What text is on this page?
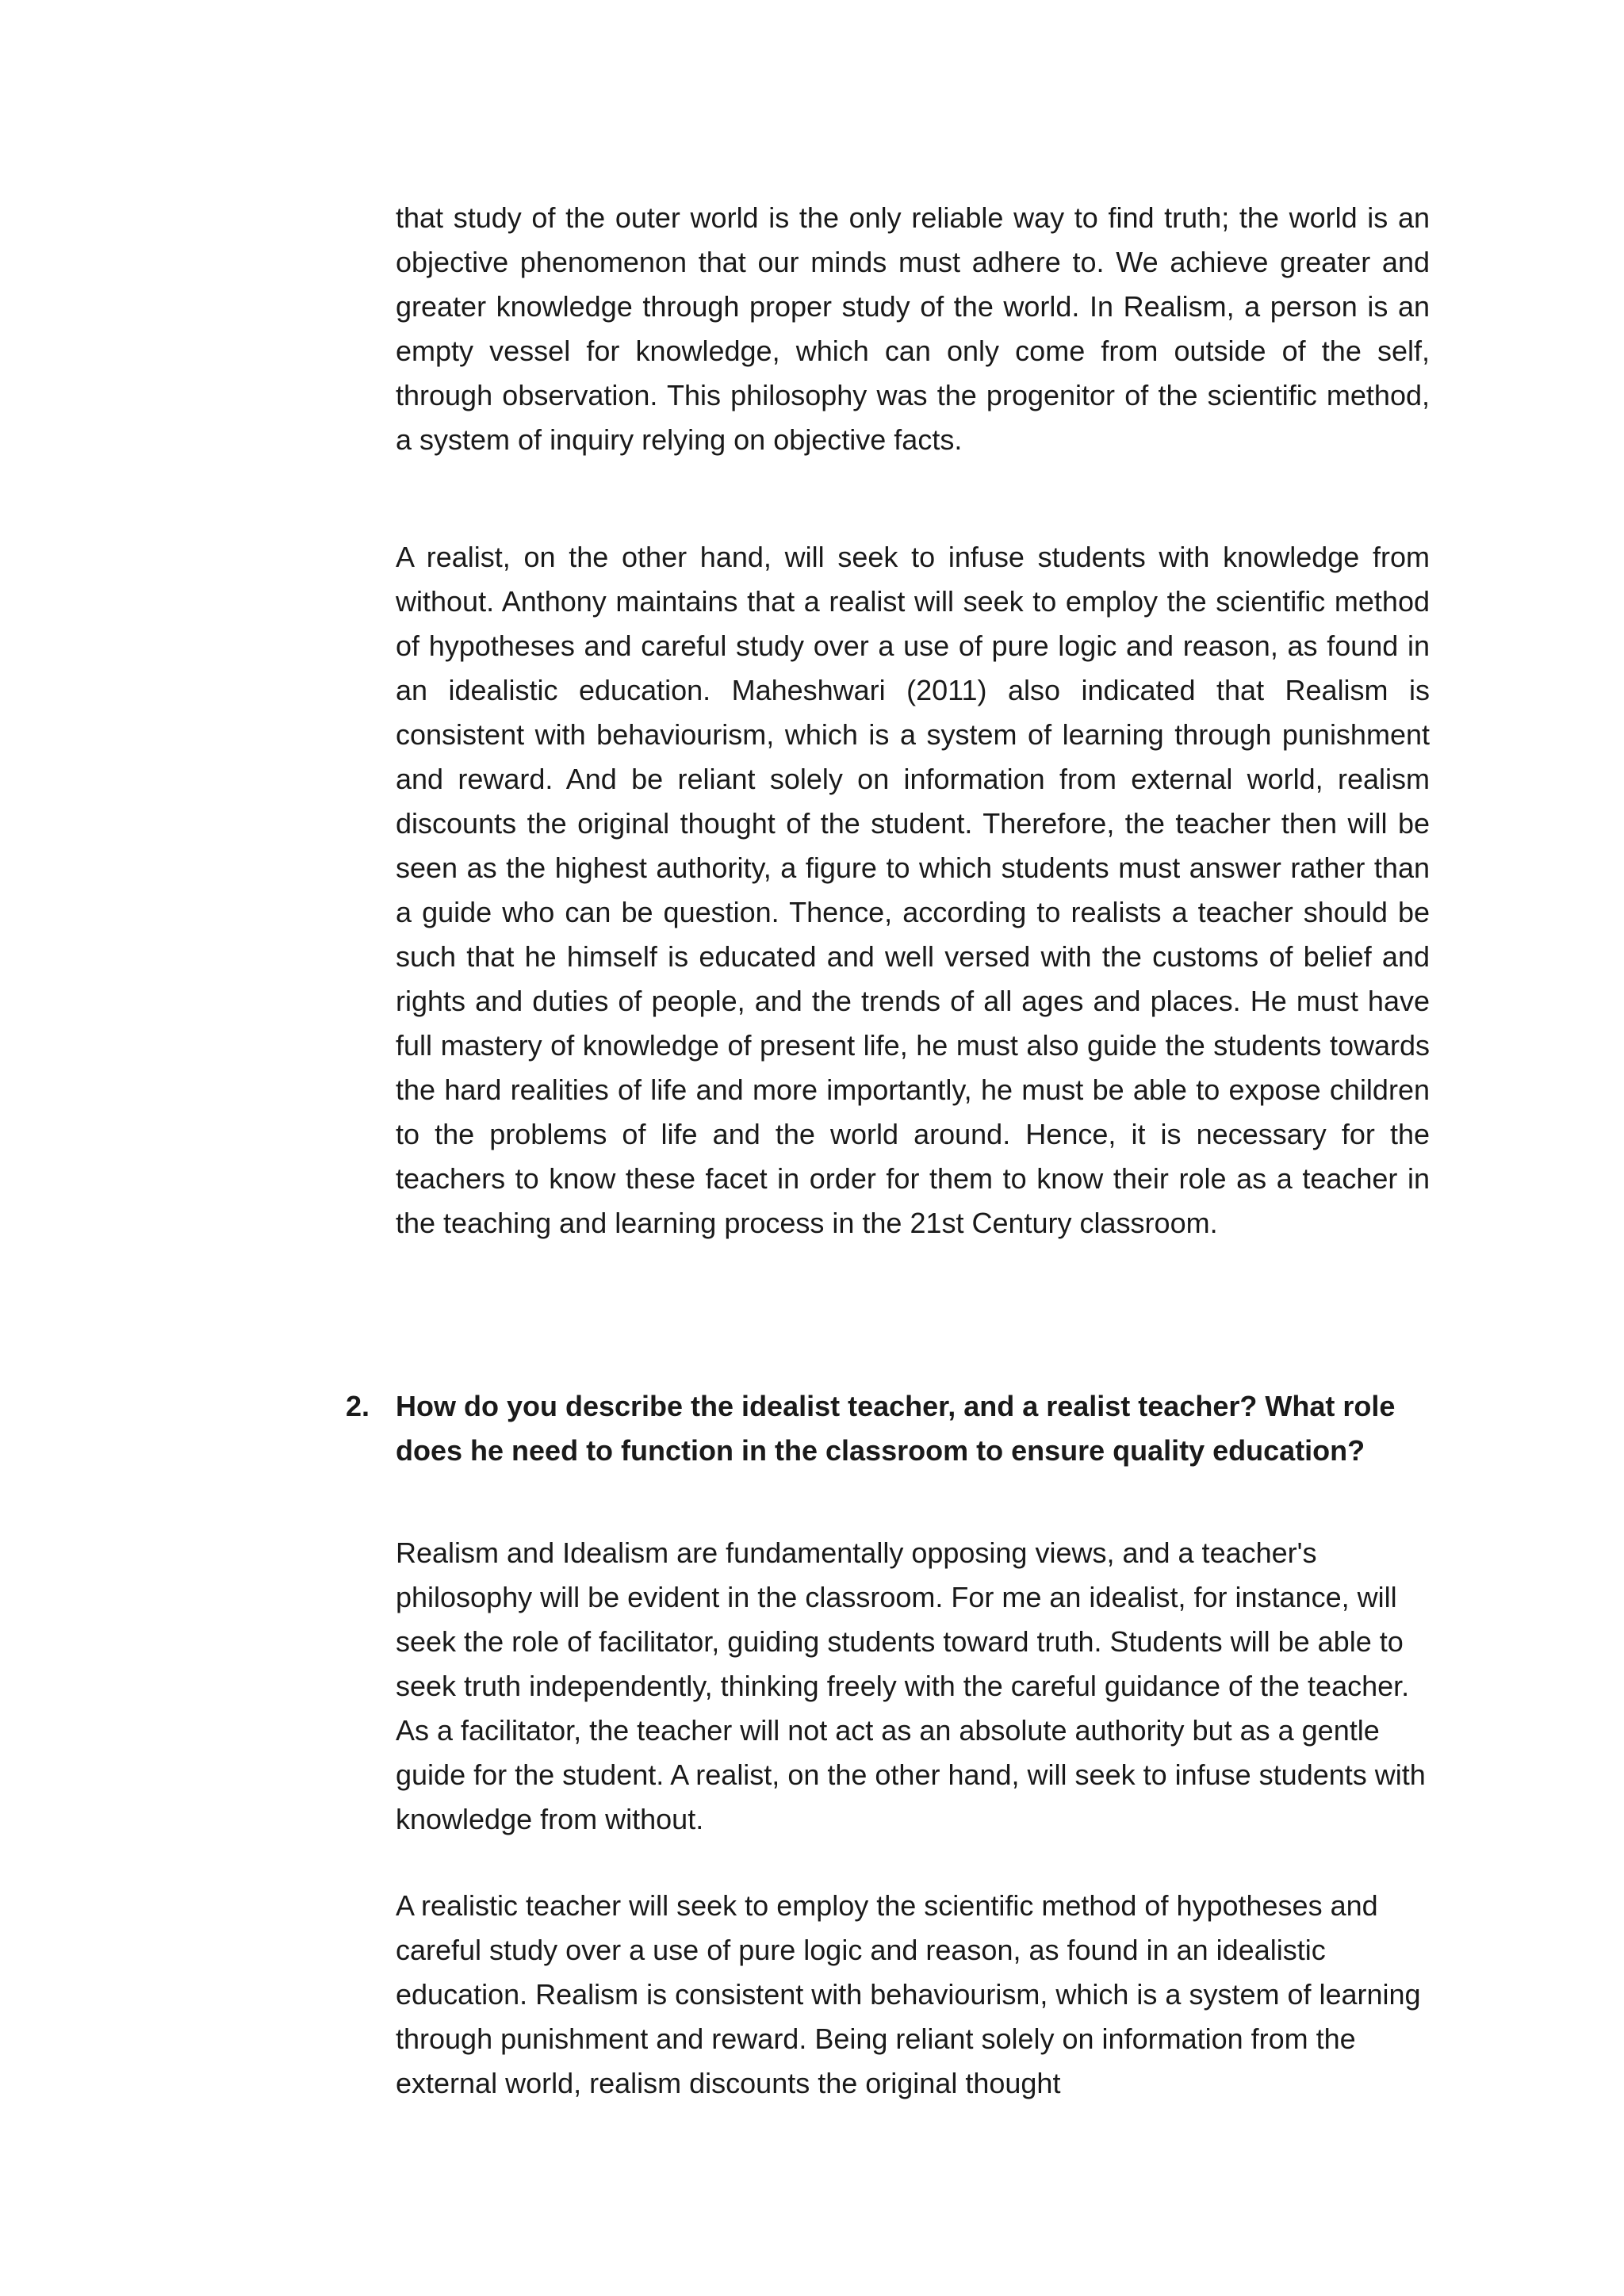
that study of the outer world is the only reliable way to find truth; the world is an objective phenomenon that our minds must adhere to. We achieve greater and greater knowledge through proper study of the world. In Realism, a person is an empty vessel for knowledge, which can only come from outside of the self, through observation. This philosophy was the progenitor of the scientific method, a system of inquiry relying on objective facts.

A realist, on the other hand, will seek to infuse students with knowledge from without. Anthony maintains that a realist will seek to employ the scientific method of hypotheses and careful study over a use of pure logic and reason, as found in an idealistic education. Maheshwari (2011) also indicated that Realism is consistent with behaviourism, which is a system of learning through punishment and reward. And be reliant solely on information from external world, realism discounts the original thought of the student. Therefore, the teacher then will be seen as the highest authority, a figure to which students must answer rather than a guide who can be question. Thence, according to realists a teacher should be such that he himself is educated and well versed with the customs of belief and rights and duties of people, and the trends of all ages and places. He must have full mastery of knowledge of present life, he must also guide the students towards the hard realities of life and more importantly, he must be able to expose children to the problems of life and the world around. Hence, it is necessary for the teachers to know these facet in order for them to know their role as a teacher in the teaching and learning process in the 21st Century classroom.

2. How do you describe the idealist teacher, and a realist teacher? What role does he need to function in the classroom to ensure quality education?

Realism and Idealism are fundamentally opposing views, and a teacher's philosophy will be evident in the classroom. For me an idealist, for instance, will seek the role of facilitator, guiding students toward truth. Students will be able to seek truth independently, thinking freely with the careful guidance of the teacher. As a facilitator, the teacher will not act as an absolute authority but as a gentle guide for the student. A realist, on the other hand, will seek to infuse students with knowledge from without.

A realistic teacher will seek to employ the scientific method of hypotheses and careful study over a use of pure logic and reason, as found in an idealistic education. Realism is consistent with behaviourism, which is a system of learning through punishment and reward. Being reliant solely on information from the external world, realism discounts the original thought
